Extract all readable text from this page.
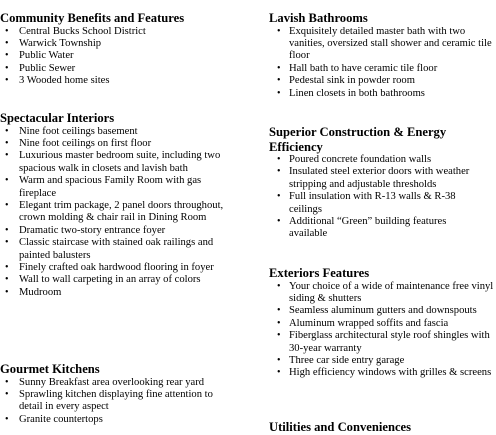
Community Benefits and Features
• Central Bucks School District
• Warwick Township
• Public Water
• Public Sewer
• 3 Wooded home sites
Spectacular Interiors
• Nine foot ceilings basement
• Nine foot ceilings on first floor
• Luxurious master bedroom suite, including two spacious walk in closets and lavish bath
• Warm and spacious Family Room with gas fireplace
• Elegant trim package, 2 panel doors throughout, crown molding & chair rail in Dining Room
• Dramatic two-story entrance foyer
• Classic staircase with stained oak railings and painted balusters
• Finely crafted oak hardwood flooring in foyer
• Wall to wall carpeting in an array of colors
• Mudroom
Gourmet Kitchens
• Sunny Breakfast area overlooking rear yard
• Sprawling kitchen displaying fine attention to detail in every aspect
• Granite countertops
Lavish Bathrooms
• Exquisitely detailed master bath with two vanities, oversized stall shower and ceramic tile floor
• Hall bath to have ceramic tile floor
• Pedestal sink in powder room
• Linen closets in both bathrooms
Superior Construction & Energy Efficiency
• Poured concrete foundation walls
• Insulated steel exterior doors with weather stripping and adjustable thresholds
• Full insulation with R-13 walls & R-38 ceilings
• Additional “Green” building features available
Exteriors Features
• Your choice of a wide of maintenance free vinyl siding & shutters
• Seamless aluminum gutters and downspouts
• Aluminum wrapped soffits and fascia
• Fiberglass architectural style roof shingles with 30-year warranty
• Three car side entry garage
• High efficiency windows with grilles & screens
Utilities and Conveniences
